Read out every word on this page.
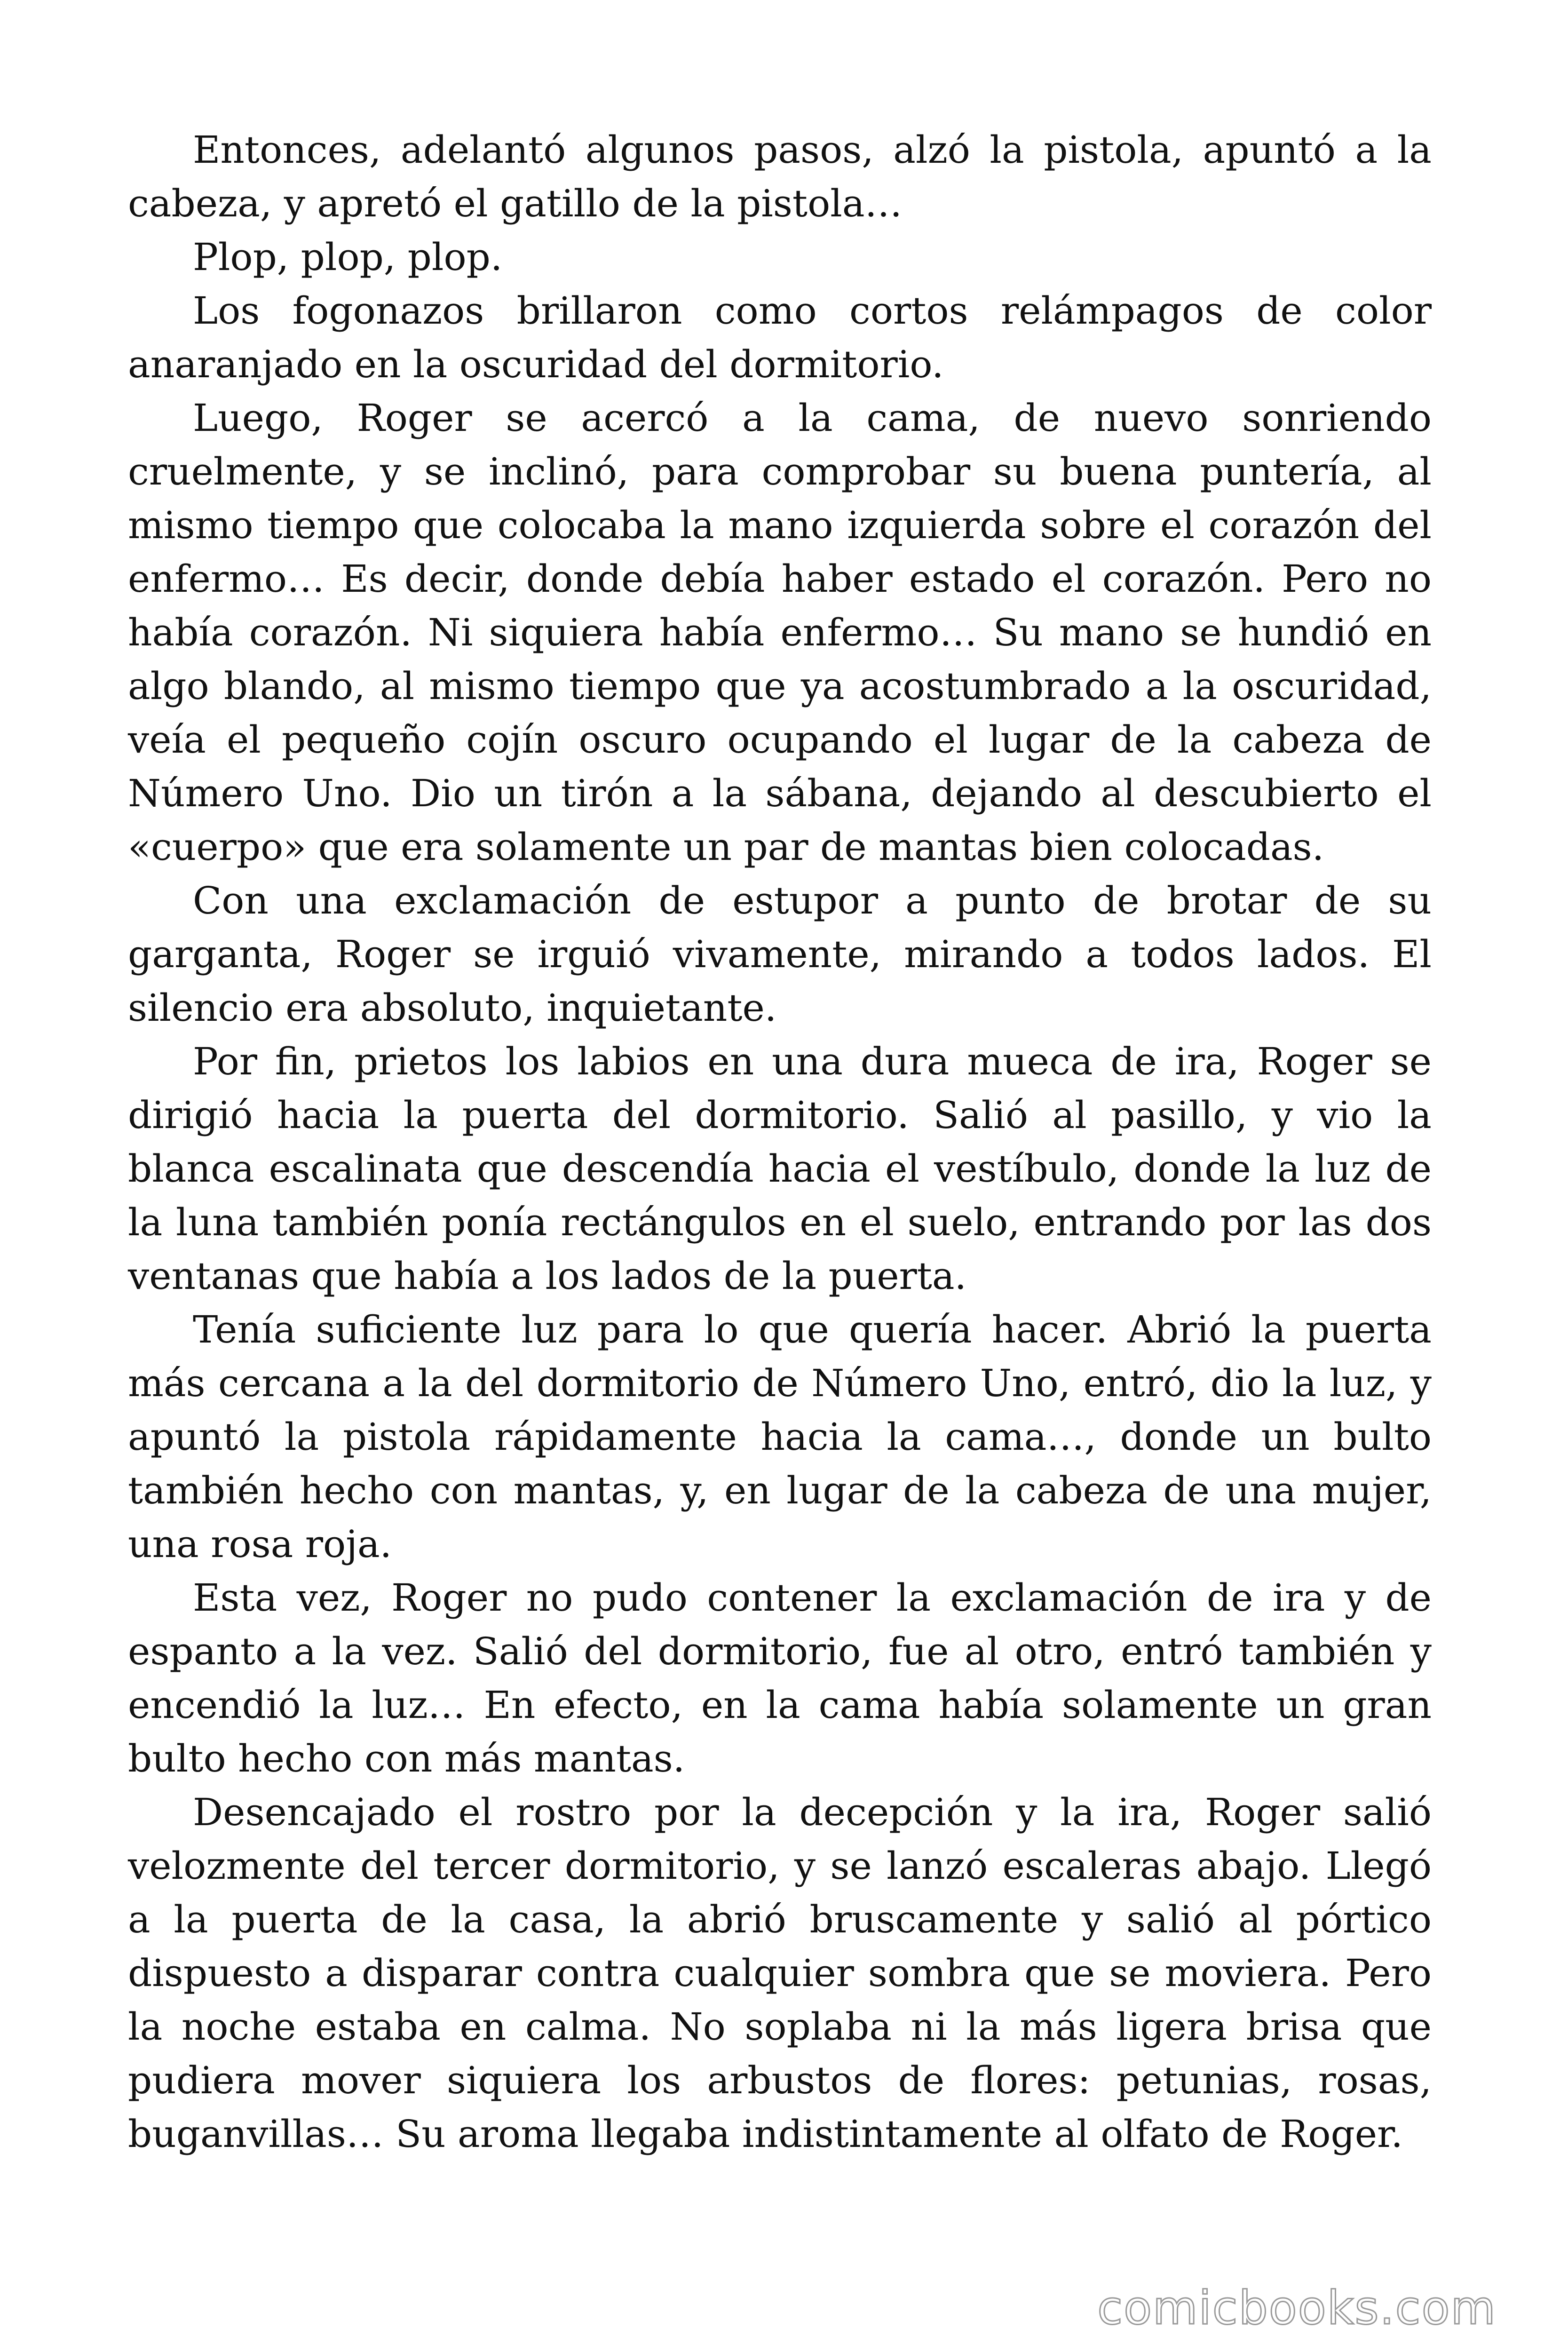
Entonces, adelantó algunos pasos, alzó la pistola, apuntó a la cabeza, y apretó el gatillo de la pistola…

Plop, plop, plop.

Los fogonazos brillaron como cortos relámpagos de color anaranjado en la oscuridad del dormitorio.

Luego, Roger se acercó a la cama, de nuevo sonriendo cruelmente, y se inclinó, para comprobar su buena puntería, al mismo tiempo que colocaba la mano izquierda sobre el corazón del enfermo… Es decir, donde debía haber estado el corazón. Pero no había corazón. Ni siquiera había enfermo… Su mano se hundió en algo blando, al mismo tiempo que ya acostumbrado a la oscuridad, veía el pequeño cojín oscuro ocupando el lugar de la cabeza de Número Uno. Dio un tirón a la sábana, dejando al descubierto el «cuerpo» que era solamente un par de mantas bien colocadas.

Con una exclamación de estupor a punto de brotar de su garganta, Roger se irguió vivamente, mirando a todos lados. El silencio era absoluto, inquietante.

Por fin, prietos los labios en una dura mueca de ira, Roger se dirigió hacia la puerta del dormitorio. Salió al pasillo, y vio la blanca escalinata que descendía hacia el vestíbulo, donde la luz de la luna también ponía rectángulos en el suelo, entrando por las dos ventanas que había a los lados de la puerta.

Tenía suficiente luz para lo que quería hacer. Abrió la puerta más cercana a la del dormitorio de Número Uno, entró, dio la luz, y apuntó la pistola rápidamente hacia la cama…, donde un bulto también hecho con mantas, y, en lugar de la cabeza de una mujer, una rosa roja.

Esta vez, Roger no pudo contener la exclamación de ira y de espanto a la vez. Salió del dormitorio, fue al otro, entró también y encendió la luz… En efecto, en la cama había solamente un gran bulto hecho con más mantas.

Desencajado el rostro por la decepción y la ira, Roger salió velozmente del tercer dormitorio, y se lanzó escaleras abajo. Llegó a la puerta de la casa, la abrió bruscamente y salió al pórtico dispuesto a disparar contra cualquier sombra que se moviera. Pero la noche estaba en calma. No soplaba ni la más ligera brisa que pudiera mover siquiera los arbustos de flores: petunias, rosas, buganvillas… Su aroma llegaba indistintamente al olfato de Roger.

comicbooks.com
